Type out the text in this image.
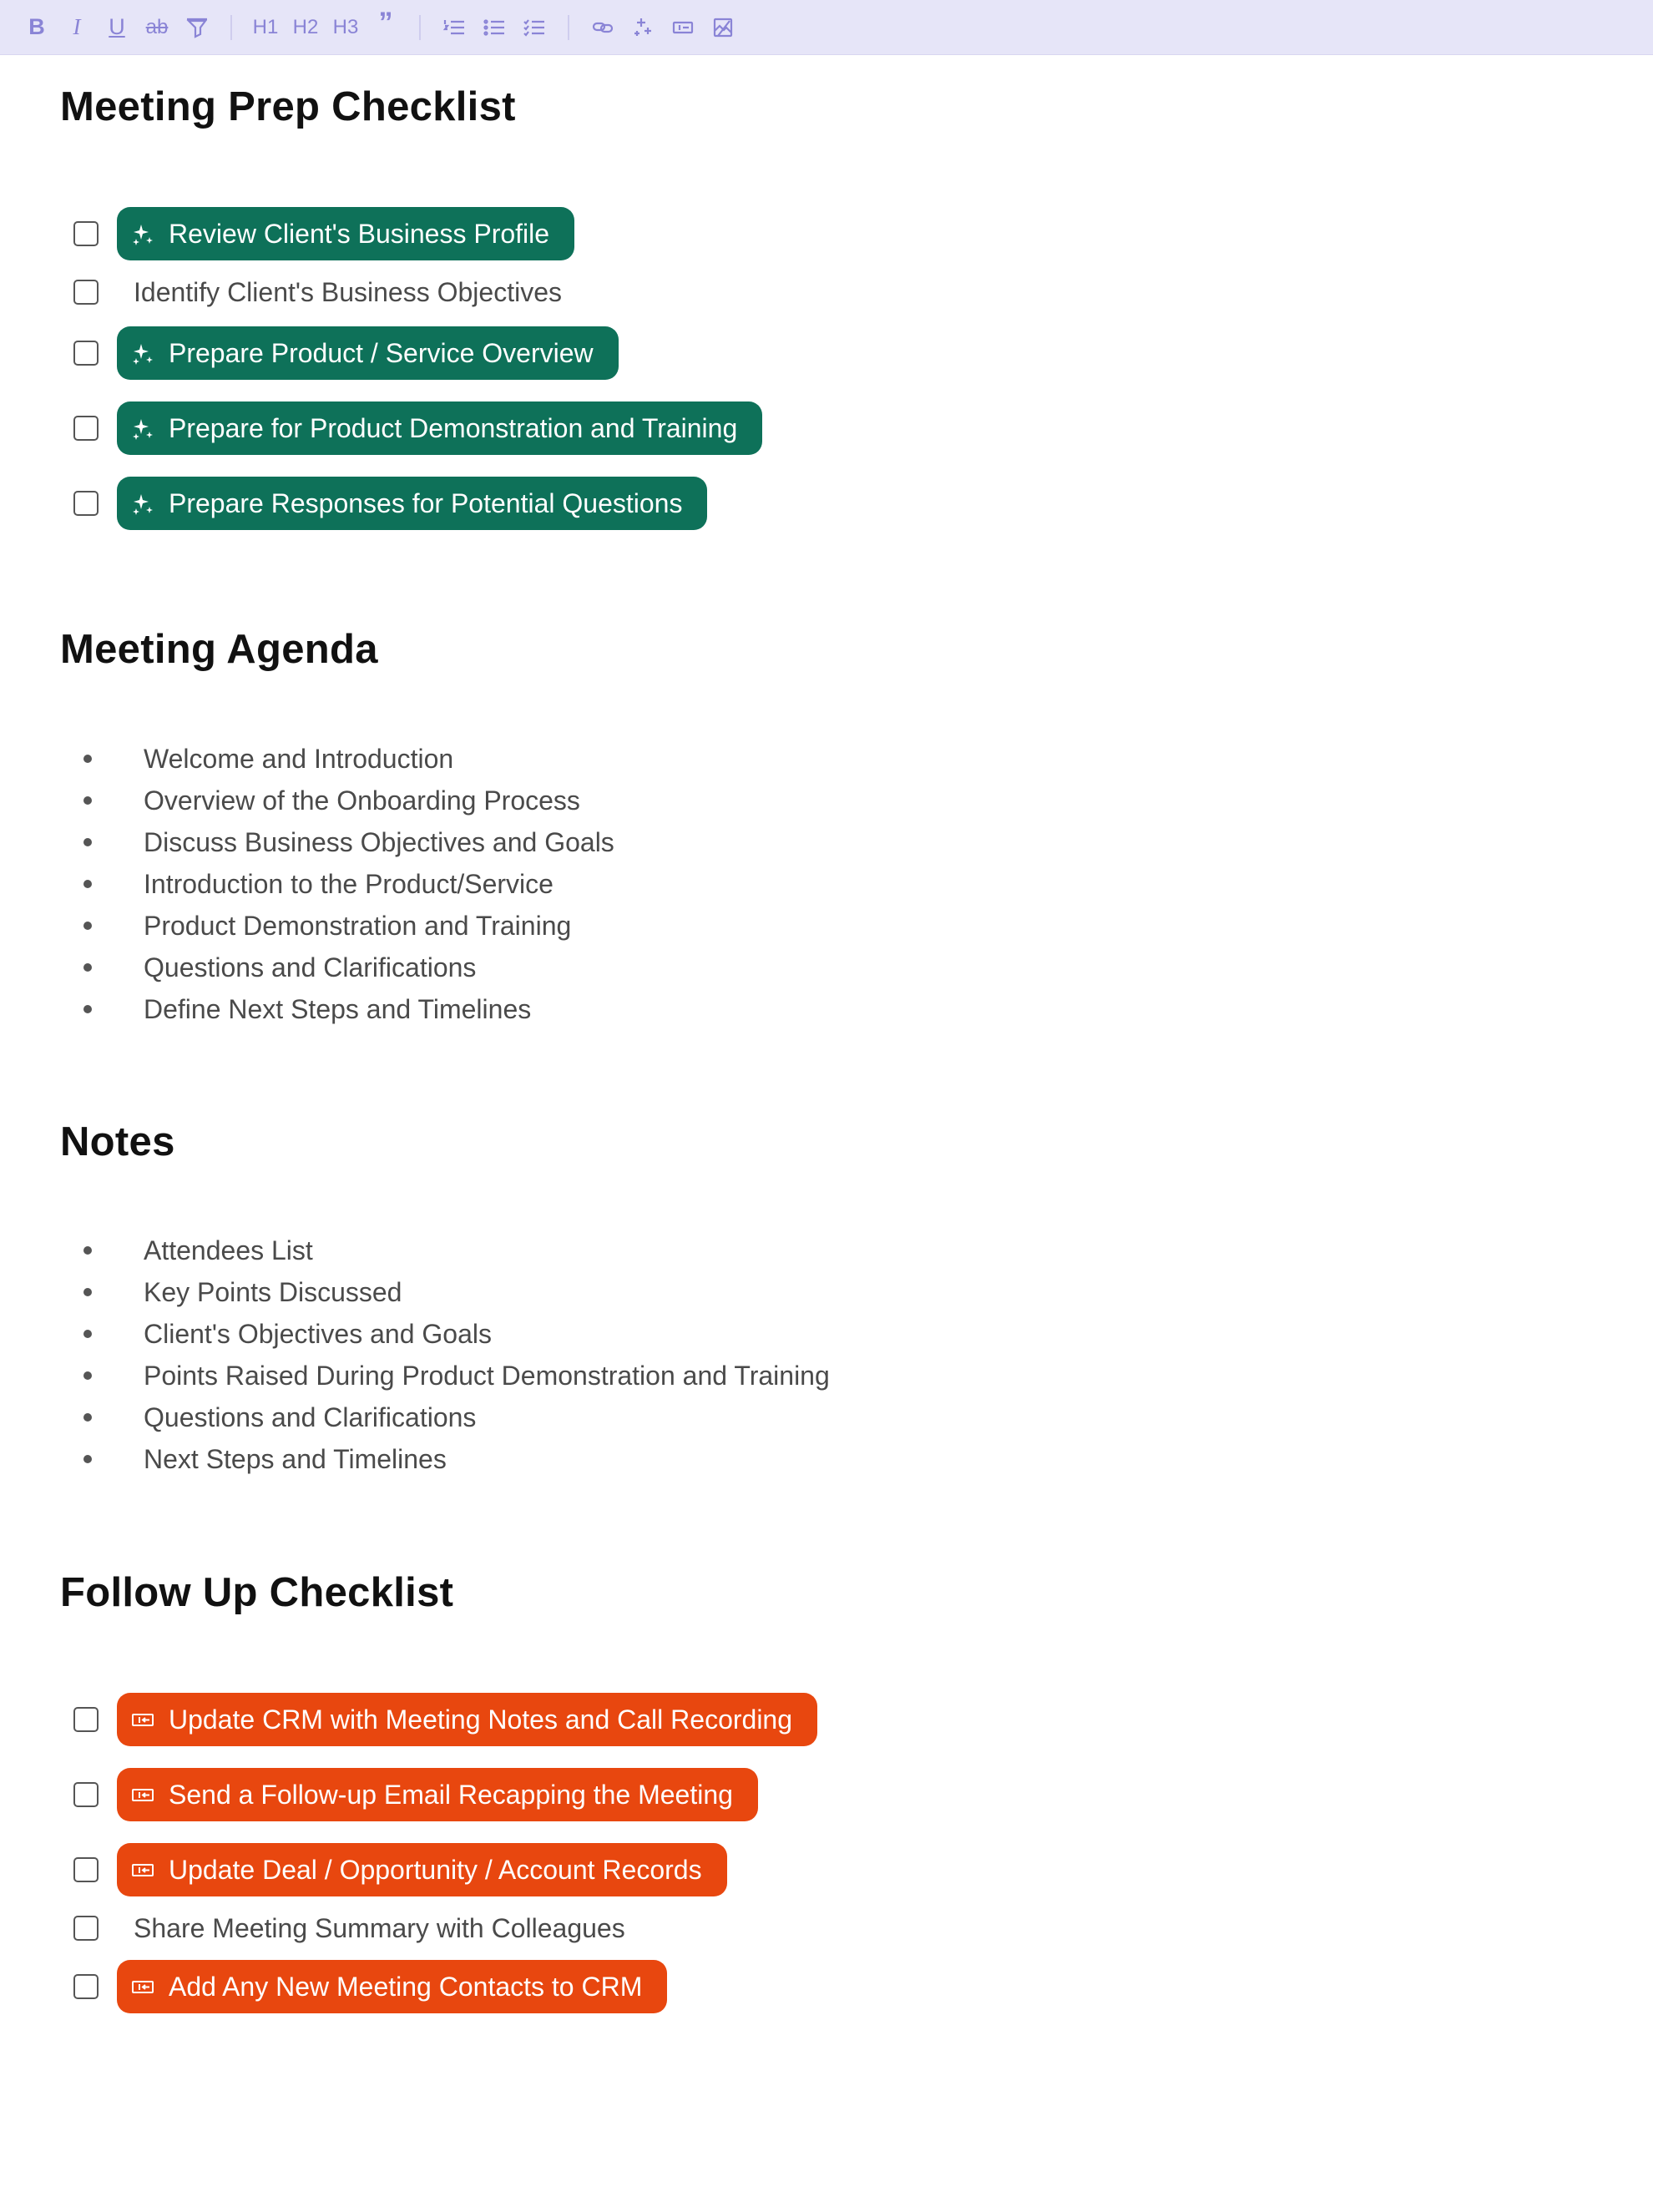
B I U ab	H1 H2 H3 ”
Meeting Prep Checklist
Review Client's Business Profile
Identify Client's Business Objectives
Prepare Product / Service Overview
Prepare for Product Demonstration and Training
Prepare Responses for Potential Questions
Meeting Agenda
Welcome and Introduction
Overview of the Onboarding Process
Discuss Business Objectives and Goals
Introduction to the Product/Service
Product Demonstration and Training
Questions and Clarifications
Define Next Steps and Timelines
Notes
Attendees List
Key Points Discussed
Client's Objectives and Goals
Points Raised During Product Demonstration and Training
Questions and Clarifications
Next Steps and Timelines
Follow Up Checklist
Update CRM with Meeting Notes and Call Recording
Send a Follow-up Email Recapping the Meeting
Update Deal / Opportunity / Account Records
Share Meeting Summary with Colleagues
Add Any New Meeting Contacts to CRM
